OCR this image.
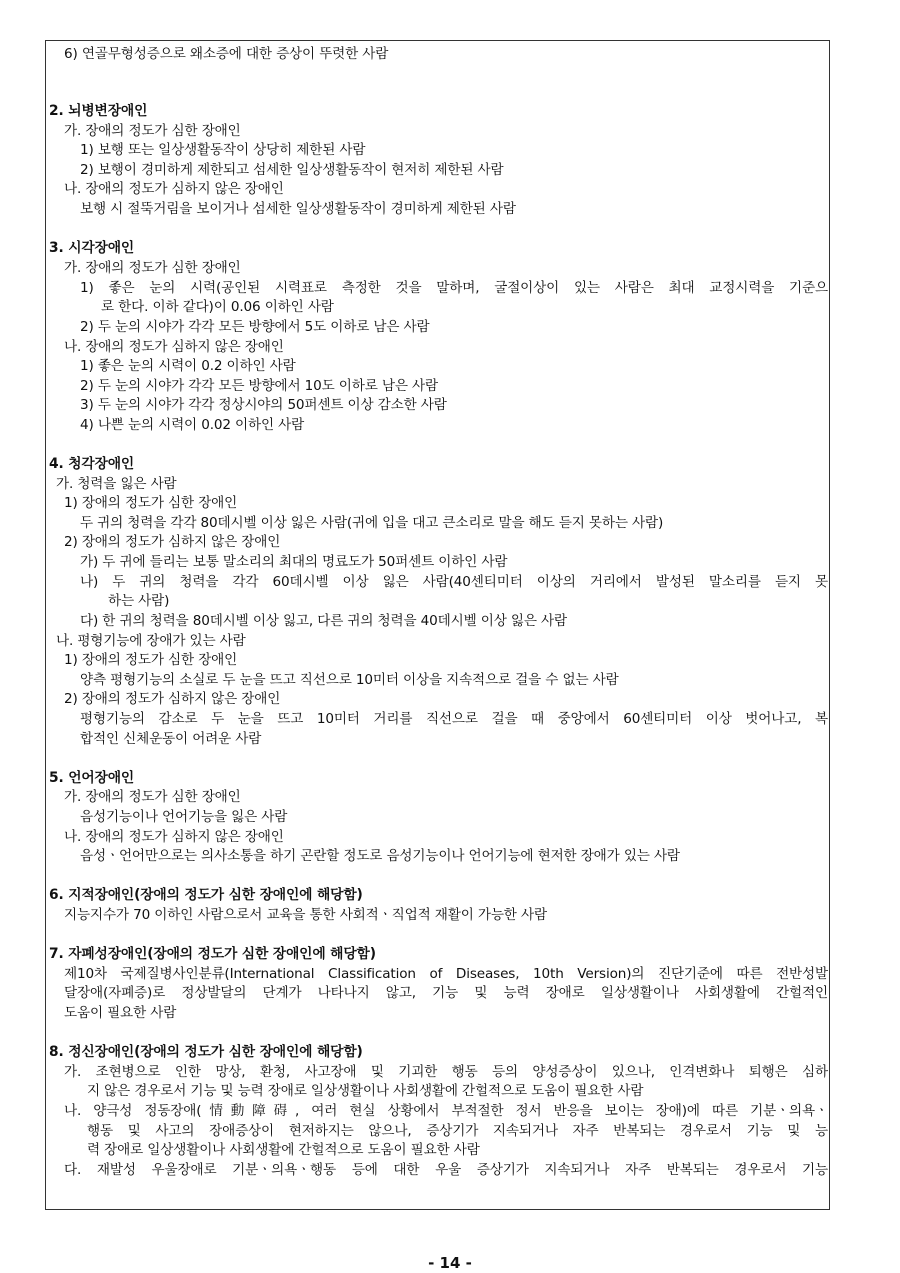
6) 연골무형성증으로 왜소증에 대한 증상이 뚜렷한 사람
2. 뇌병변장애인
가. 장애의 정도가 심한 장애인
1) 보행 또는 일상생활동작이 상당히 제한된 사람
2) 보행이 경미하게 제한되고 섬세한 일상생활동작이 현저히 제한된 사람
나. 장애의 정도가 심하지 않은 장애인
보행 시 절뚝거림을 보이거나 섬세한 일상생활동작이 경미하게 제한된 사람
3. 시각장애인
가. 장애의 정도가 심한 장애인
1) 좋은 눈의 시력(공인된 시력표로 측정한 것을 말하며, 굴절이상이 있는 사람은 최대 교정시력을 기준으
로 한다. 이하 같다)이 0.06 이하인 사람
2) 두 눈의 시야가 각각 모든 방향에서 5도 이하로 남은 사람
나. 장애의 정도가 심하지 않은 장애인
1) 좋은 눈의 시력이 0.2 이하인 사람
2) 두 눈의 시야가 각각 모든 방향에서 10도 이하로 남은 사람
3) 두 눈의 시야가 각각 정상시야의 50퍼센트 이상 감소한 사람
4) 나쁜 눈의 시력이 0.02 이하인 사람
4. 청각장애인
가. 청력을 잃은 사람
1) 장애의 정도가 심한 장애인
두 귀의 청력을 각각 80데시벨 이상 잃은 사람(귀에 입을 대고 큰소리로 말을 해도 듣지 못하는 사람)
2) 장애의 정도가 심하지 않은 장애인
가) 두 귀에 들리는 보통 말소리의 최대의 명료도가 50퍼센트 이하인 사람
나) 두 귀의 청력을 각각 60데시벨 이상 잃은 사람(40센티미터 이상의 거리에서 발성된 말소리를 듣지 못
하는 사람)
다) 한 귀의 청력을 80데시벨 이상 잃고, 다른 귀의 청력을 40데시벨 이상 잃은 사람
나. 평형기능에 장애가 있는 사람
1) 장애의 정도가 심한 장애인
양측 평형기능의 소실로 두 눈을 뜨고 직선으로 10미터 이상을 지속적으로 걸을 수 없는 사람
2) 장애의 정도가 심하지 않은 장애인
평형기능의 감소로 두 눈을 뜨고 10미터 거리를 직선으로 걸을 때 중앙에서 60센티미터 이상 벗어나고, 복
합적인 신체운동이 어려운 사람
5. 언어장애인
가. 장애의 정도가 심한 장애인
음성기능이나 언어기능을 잃은 사람
나. 장애의 정도가 심하지 않은 장애인
음성ㆍ언어만으로는 의사소통을 하기 곤란할 정도로 음성기능이나 언어기능에 현저한 장애가 있는 사람
6. 지적장애인(장애의 정도가 심한 장애인에 해당함)
지능지수가 70 이하인 사람으로서 교육을 통한 사회적ㆍ직업적 재활이 가능한 사람
7. 자폐성장애인(장애의 정도가 심한 장애인에 해당함)
제10차 국제질병사인분류(International Classification of Diseases, 10th Version)의 진단기준에 따른 전반성발
달장애(자폐증)로 정상발달의 단계가 나타나지 않고, 기능 및 능력 장애로 일상생활이나 사회생활에 간헐적인
도움이 필요한 사람
8. 정신장애인(장애의 정도가 심한 장애인에 해당함)
가. 조현병으로 인한 망상, 환청, 사고장애 및 기괴한 행동 등의 양성증상이 있으나, 인격변화나 퇴행은 심하
지 않은 경우로서 기능 및 능력 장애로 일상생활이나 사회생활에 간헐적으로 도움이 필요한 사람
나. 양극성 정동장애(情動障碍, 여러 현실 상황에서 부적절한 정서 반응을 보이는 장애)에 따른 기분ㆍ의욕ㆍ
행동 및 사고의 장애증상이 현저하지는 않으나, 증상기가 지속되거나 자주 반복되는 경우로서 기능 및 능
력 장애로 일상생활이나 사회생활에 간헐적으로 도움이 필요한 사람
다. 재발성 우울장애로 기분ㆍ의욕ㆍ행동 등에 대한 우울 증상기가 지속되거나 자주 반복되는 경우로서 기능
- 14 -
